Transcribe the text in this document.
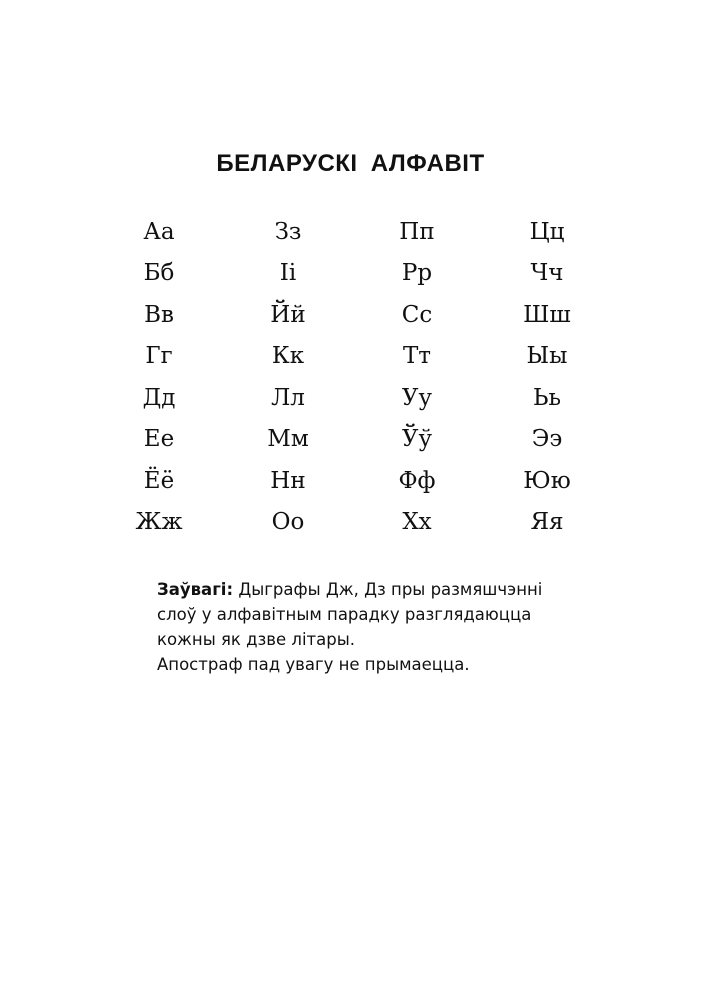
БЕЛАРУСКІ АЛФАВІТ
Аа
Бб
Вв
Гг
Дд
Ее
Ёё
Жж
Зз
Іі
Йй
Кк
Лл
Мм
Нн
Оо
Пп
Рр
Сс
Тт
Уу
Ўў
Фф
Хх
Цц
Чч
Шш
Ыы
Ьь
Ээ
Юю
Яя
Заўвагі: Дыграфы Дж, Дз пры размяшчэнні
слоў у алфавітным парадку разглядаюцца
кожны як дзве літары.
Апостраф пад увагу не прымаецца.
